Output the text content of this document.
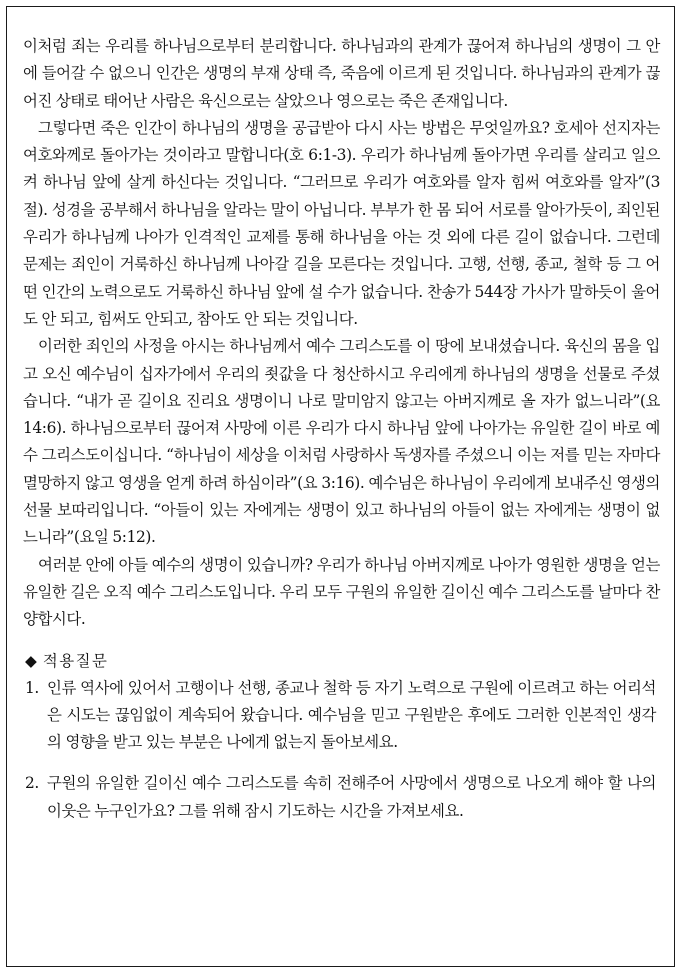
이처럼 죄는 우리를 하나님으로부터 분리합니다. 하나님과의 관계가 끊어져 하나님의 생명이 그 안에 들어갈 수 없으니 인간은 생명의 부재 상태 즉, 죽음에 이르게 된 것입니다. 하나님과의 관계가 끊어진 상태로 태어난 사람은 육신으로는 살았으나 영으로는 죽은 존재입니다.

그렇다면 죽은 인간이 하나님의 생명을 공급받아 다시 사는 방법은 무엇일까요? 호세아 선지자는 여호와께로 돌아가는 것이라고 말합니다(호 6:1-3). 우리가 하나님께 돌아가면 우리를 살리고 일으켜 하나님 앞에 살게 하신다는 것입니다. “그러므로 우리가 여호와를 알자 힘써 여호와를 알자”(3절). 성경을 공부해서 하나님을 알라는 말이 아닙니다. 부부가 한 몸 되어 서로를 알아가듯이, 죄인된 우리가 하나님께 나아가 인격적인 교제를 통해 하나님을 아는 것 외에 다른 길이 없습니다. 그런데 문제는 죄인이 거룩하신 하나님께 나아갈 길을 모른다는 것입니다. 고행, 선행, 종교, 철학 등 그 어떤 인간의 노력으로도 거룩하신 하나님 앞에 설 수가 없습니다. 찬송가 544장 가사가 말하듯이 울어도 안 되고, 힘써도 안되고, 참아도 안 되는 것입니다.

이러한 죄인의 사정을 아시는 하나님께서 예수 그리스도를 이 땅에 보내셨습니다. 육신의 몸을 입고 오신 예수님이 십자가에서 우리의 죗값을 다 청산하시고 우리에게 하나님의 생명을 선물로 주셨습니다. “내가 곧 길이요 진리요 생명이니 나로 말미암지 않고는 아버지께로 올 자가 없느니라”(요 14:6). 하나님으로부터 끊어져 사망에 이른 우리가 다시 하나님 앞에 나아가는 유일한 길이 바로 예수 그리스도이십니다. “하나님이 세상을 이처럼 사랑하사 독생자를 주셨으니 이는 저를 믿는 자마다 멸망하지 않고 영생을 얻게 하려 하심이라”(요 3:16). 예수님은 하나님이 우리에게 보내주신 영생의 선물 보따리입니다. “아들이 있는 자에게는 생명이 있고 하나님의 아들이 없는 자에게는 생명이 없느니라”(요일 5:12).

여러분 안에 아들 예수의 생명이 있습니까? 우리가 하나님 아버지께로 나아가 영원한 생명을 얻는 유일한 길은 오직 예수 그리스도입니다. 우리 모두 구원의 유일한 길이신 예수 그리스도를 날마다 찬양합시다.

◆ 적용질문
1. 인류 역사에 있어서 고행이나 선행, 종교나 철학 등 자기 노력으로 구원에 이르려고 하는 어리석은 시도는 끊임없이 계속되어 왔습니다. 예수님을 믿고 구원받은 후에도 그러한 인본적인 생각의 영향을 받고 있는 부분은 나에게 없는지 돌아보세요.
2. 구원의 유일한 길이신 예수 그리스도를 속히 전해주어 사망에서 생명으로 나오게 해야 할 나의 이웃은 누구인가요? 그를 위해 잠시 기도하는 시간을 가져보세요.
